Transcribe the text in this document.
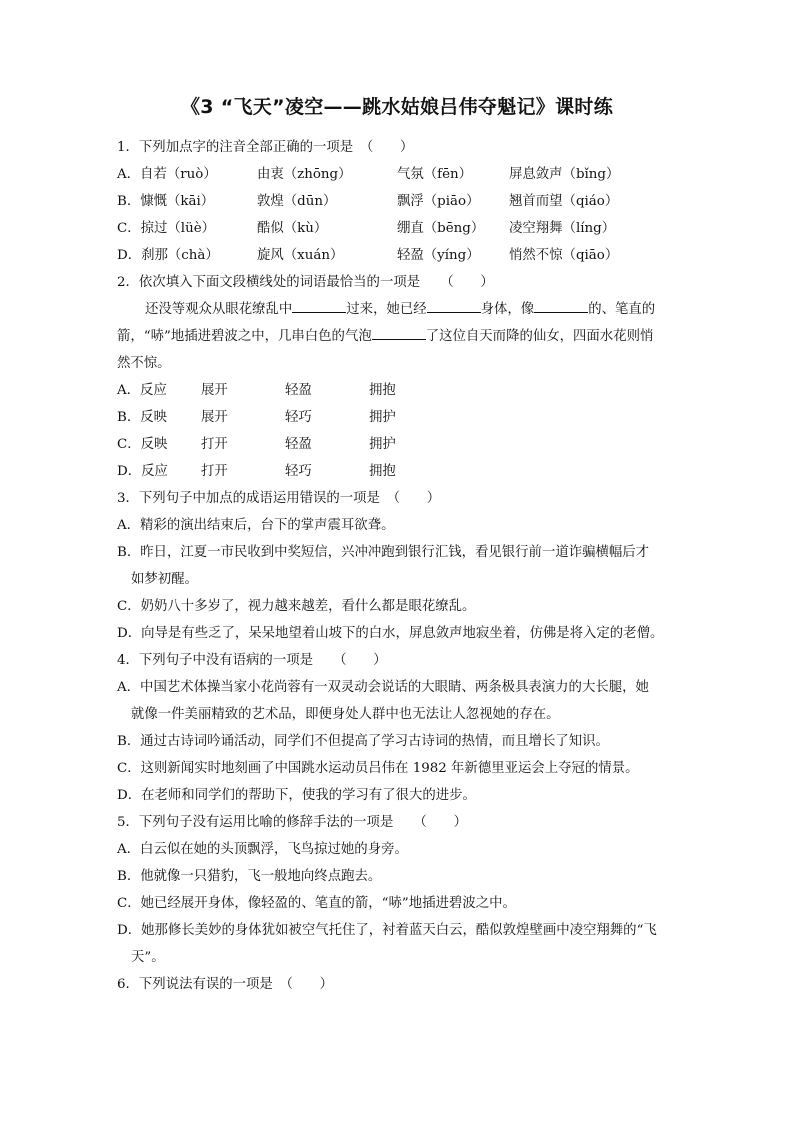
《3 “飞天”凌空——跳水姑娘吕伟夺魁记》课时练

1．下列加点字的注音全部正确的一项是　（　　）

A．自若（ruò）	由衷（zhōng）	气氛（fēn）	屏息敛声（bǐng）
B．慷慨（kāi）	敦煌（dūn）	飘浮（piāo）	翘首而望（qiáo）
C．掠过（lüè）	酷似（kù）	绷直（bēng）	凌空翔舞（líng）
D．刹那（chà）	旋风（xuán）	轻盈（yíng）	悄然不惊（qiāo）

2．依次填入下面文段横线处的词语最恰当的一项是　　（　　）

还没等观众从眼花缭乱中	过来，她已经	身体，像	的、笔直的

箭，“哧”地插进碧波之中，几串白色的气泡	了这位自天而降的仙女，四面水花则悄

然不惊。

A．反应	展开	轻盈	拥抱
B．反映	展开	轻巧	拥护
C．反映	打开	轻盈	拥护
D．反应	打开	轻巧	拥抱

3．下列句子中加点的成语运用错误的一项是　（　　）

A．精彩的演出结束后，台下的掌声震耳欲聋。

B．昨日，江夏一市民收到中奖短信，兴冲冲跑到银行汇钱，看见银行前一道诈骗横幅后才

如梦初醒。

C．奶奶八十多岁了，视力越来越差，看什么都是眼花缭乱。

D．向导是有些乏了，呆呆地望着山坡下的白水，屏息敛声地寂坐着，仿佛是将入定的老僧。

4．下列句子中没有语病的一项是　　（　　）

A．中国艺术体操当家小花尚蓉有一双灵动会说话的大眼睛、两条极具表演力的大长腿，她

就像一件美丽精致的艺术品，即便身处人群中也无法让人忽视她的存在。

B．通过古诗词吟诵活动，同学们不但提高了学习古诗词的热情，而且增长了知识。

C．这则新闻实时地刻画了中国跳水运动员吕伟在 1982 年新德里亚运会上夺冠的情景。

D．在老师和同学们的帮助下，使我的学习有了很大的进步。

5．下列句子没有运用比喻的修辞手法的一项是　　（　　）

A．白云似在她的头顶飘浮，飞鸟掠过她的身旁。

B．他就像一只猎豹，飞一般地向终点跑去。

C．她已经展开身体，像轻盈的、笔直的箭，“哧”地插进碧波之中。

D．她那修长美妙的身体犹如被空气托住了，衬着蓝天白云，酷似敦煌壁画中凌空翔舞的“飞

天”。

6．下列说法有误的一项是　（　　）
